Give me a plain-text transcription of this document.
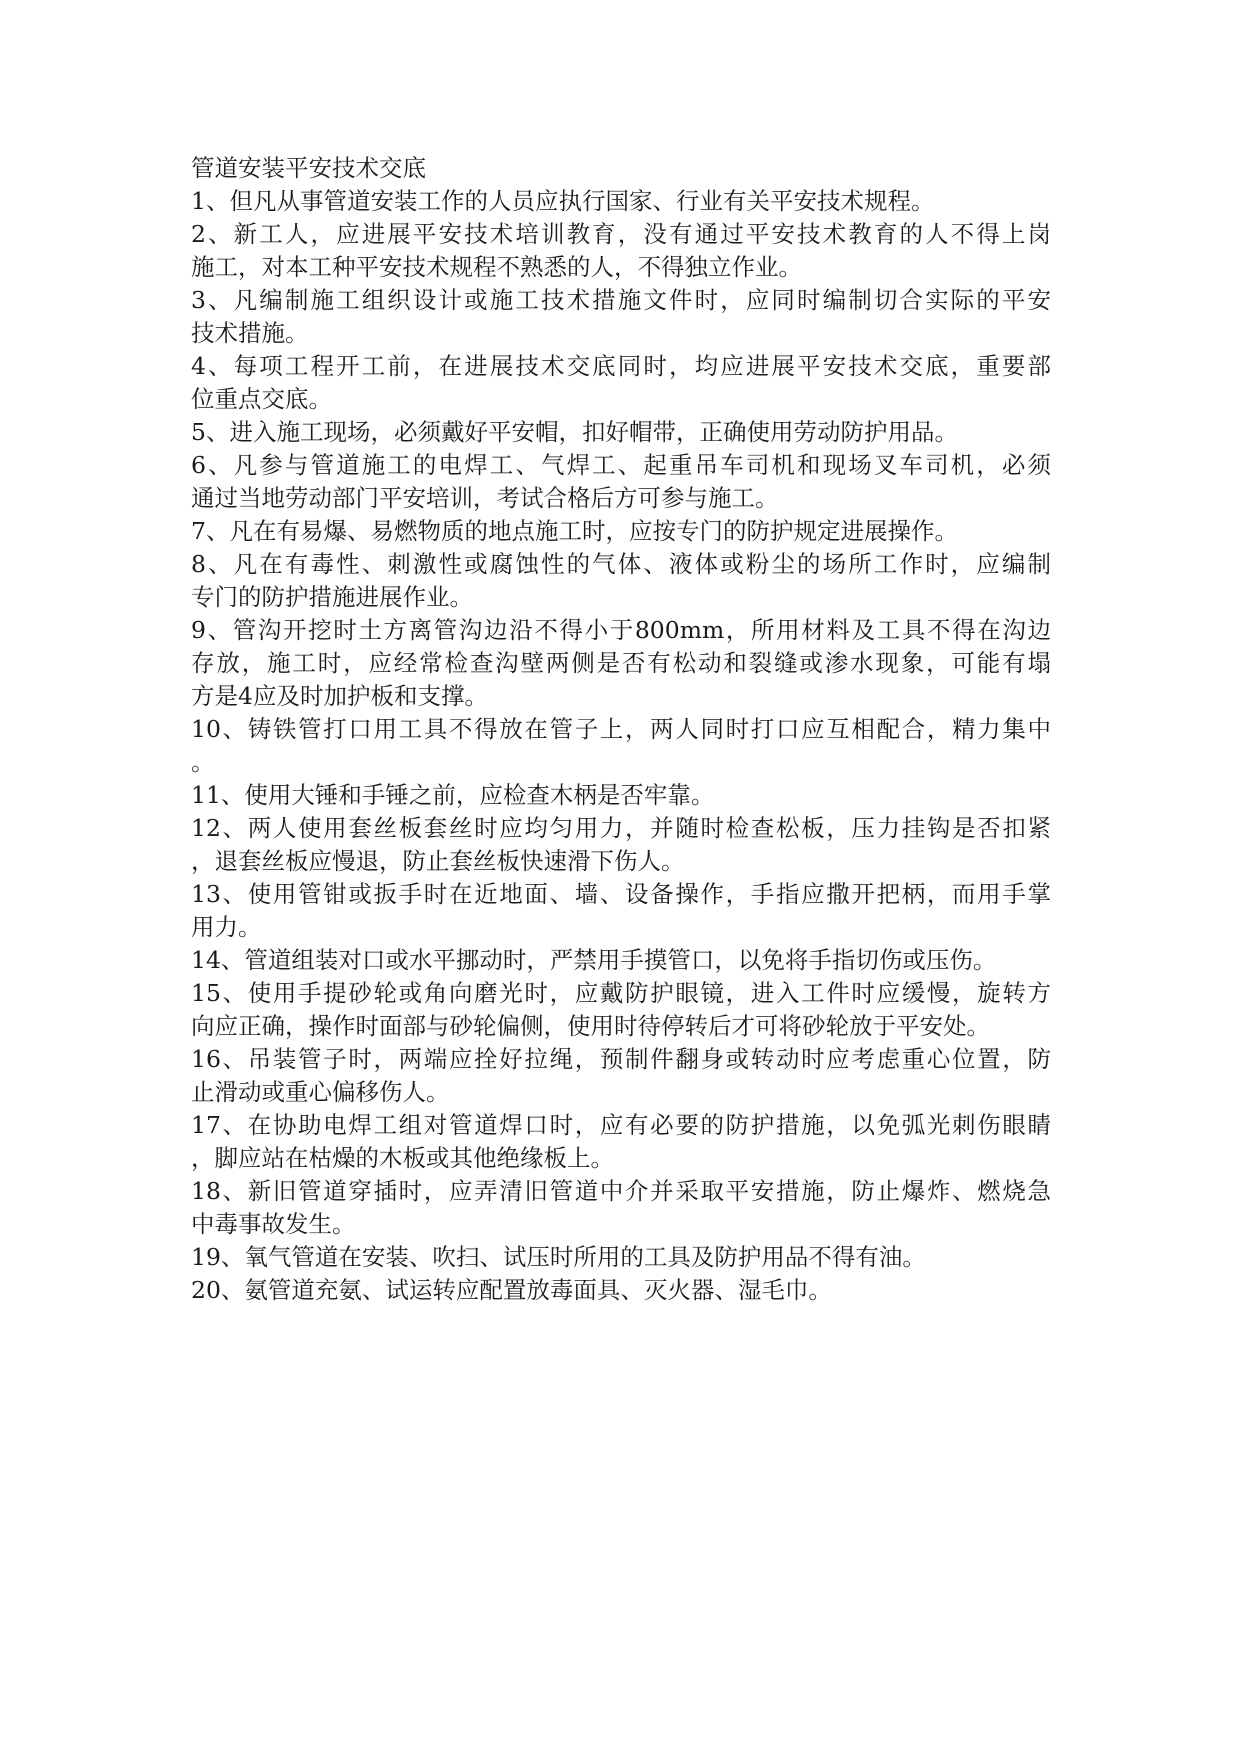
管道安装平安技术交底
1、但凡从事管道安装工作的人员应执行国家、行业有关平安技术规程。
2、新工人，应进展平安技术培训教育，没有通过平安技术教育的人不得上岗
施工，对本工种平安技术规程不熟悉的人，不得独立作业。
3、凡编制施工组织设计或施工技术措施文件时，应同时编制切合实际的平安
技术措施。
4、每项工程开工前，在进展技术交底同时，均应进展平安技术交底，重要部
位重点交底。
5、进入施工现场，必须戴好平安帽，扣好帽带，正确使用劳动防护用品。
6、凡参与管道施工的电焊工、气焊工、起重吊车司机和现场叉车司机，必须
通过当地劳动部门平安培训，考试合格后方可参与施工。
7、凡在有易爆、易燃物质的地点施工时，应按专门的防护规定进展操作。
8、凡在有毒性、刺激性或腐蚀性的气体、液体或粉尘的场所工作时，应编制
专门的防护措施进展作业。
9、管沟开挖时土方离管沟边沿不得小于800mm，所用材料及工具不得在沟边
存放，施工时，应经常检查沟壁两侧是否有松动和裂缝或渗水现象，可能有塌
方是4应及时加护板和支撑。
10、铸铁管打口用工具不得放在管子上，两人同时打口应互相配合，精力集中
。
11、使用大锤和手锤之前，应检查木柄是否牢靠。
12、两人使用套丝板套丝时应均匀用力，并随时检查松板，压力挂钩是否扣紧
，退套丝板应慢退，防止套丝板快速滑下伤人。
13、使用管钳或扳手时在近地面、墙、设备操作，手指应撒开把柄，而用手掌
用力。
14、管道组装对口或水平挪动时，严禁用手摸管口，以免将手指切伤或压伤。
15、使用手提砂轮或角向磨光时，应戴防护眼镜，进入工件时应缓慢，旋转方
向应正确，操作时面部与砂轮偏侧，使用时待停转后才可将砂轮放于平安处。
16、吊装管子时，两端应拴好拉绳，预制件翻身或转动时应考虑重心位置，防
止滑动或重心偏移伤人。
17、在协助电焊工组对管道焊口时，应有必要的防护措施，以免弧光刺伤眼睛
，脚应站在枯燥的木板或其他绝缘板上。
18、新旧管道穿插时，应弄清旧管道中介并采取平安措施，防止爆炸、燃烧急
中毒事故发生。
19、氧气管道在安装、吹扫、试压时所用的工具及防护用品不得有油。
20、氨管道充氨、试运转应配置放毒面具、灭火器、湿毛巾。
